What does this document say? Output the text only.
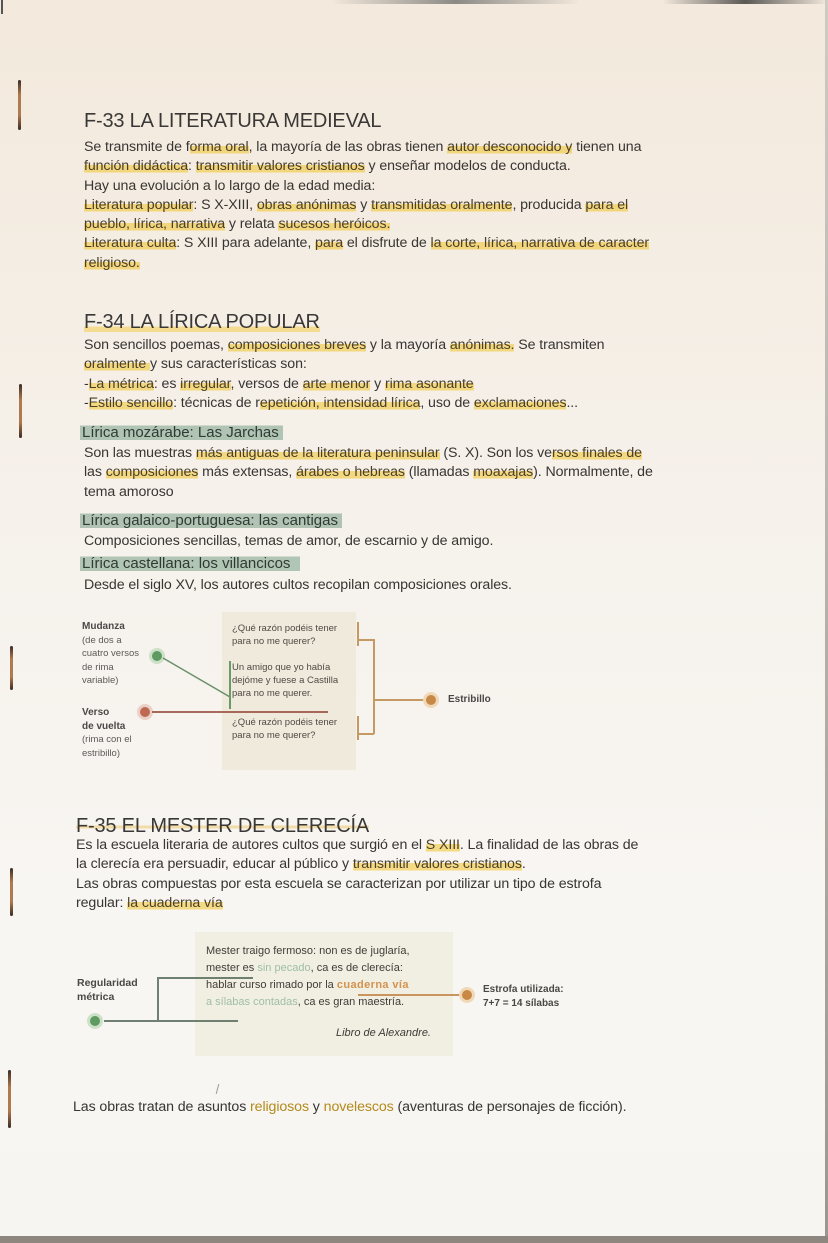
F-33 LA LITERATURA MEDIEVAL
Se transmite de forma oral, la mayoría de las obras tienen autor desconocido y tienen una
función didáctica: transmitir valores cristianos y enseñar modelos de conducta.
Hay una evolución a lo largo de la edad media:
Literatura popular: S X-XIII, obras anónimas y transmitidas oralmente, producida para el
pueblo, lírica, narrativa y relata sucesos heróicos.
Literatura culta: S XIII para adelante, para el disfrute de la corte, lírica, narrativa de caracter
religioso.
F-34 LA LÍRICA POPULAR
Son sencillos poemas, composiciones breves y la mayoría anónimas. Se transmiten
oralmente y sus características son:
-La métrica: es irregular, versos de arte menor y rima asonante
-Estilo sencillo: técnicas de repetición, intensidad lírica, uso de exclamaciones...
Lírica mozárabe: Las Jarchas
Son las muestras más antiguas de la literatura peninsular (S. X). Son los versos finales de
las composiciones más extensas, árabes o hebreas (llamadas moaxajas). Normalmente, de
tema amoroso
Lírica galaico-portuguesa: las cantigas
Composiciones sencillas, temas de amor, de escarnio y de amigo.
Lírica castellana: los villancicos
Desde el siglo XV, los autores cultos recopilan composiciones orales.
Mudanza
(de dos a
cuatro versos
de rima
variable)
Verso
de vuelta
(rima con el
estribillo)
¿Qué razón podéis tener
para no me querer?
Un amigo que yo había
dejóme y fuese a Castilla
para no me querer.
¿Qué razón podéis tener
para no me querer?
Estribillo
F-35 EL MESTER DE CLERECÍA
Es la escuela literaria de autores cultos que surgió en el S XIII. La finalidad de las obras de
la clerecía era persuadir, educar al público y transmitir valores cristianos.
Las obras compuestas por esta escuela se caracterizan por utilizar un tipo de estrofa
regular: la cuaderna vía
Regularidad
métrica
Mester traigo fermoso: non es de juglaría,
mester es sin pecado, ca es de clerecía:
hablar curso rimado por la cuaderna vía
a sílabas contadas, ca es gran maestría.
Libro de Alexandre.
Estrofa utilizada:
7+7 = 14 sílabas
Las obras tratan de asuntos religiosos y novelescos (aventuras de personajes de ficción).
